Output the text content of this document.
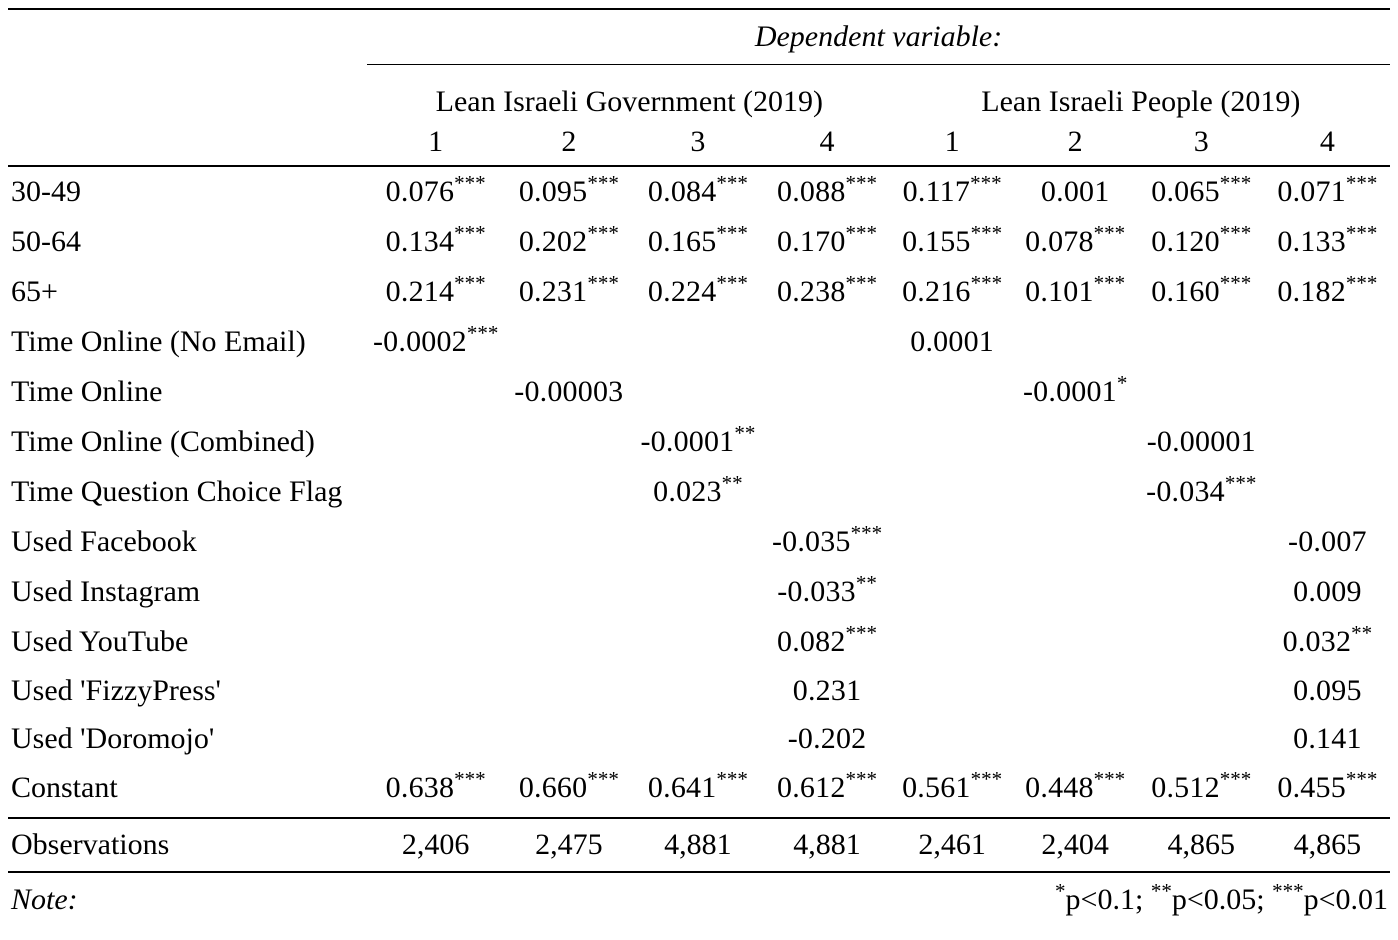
	Dependent variable:							
	Lean Israeli Government (2019)				Lean Israeli People (2019)			
	1	2	3	4	1	2	3	4
30-49	0.076***	0.095***	0.084***	0.088***	0.117***	0.001	0.065***	0.071***
50-64	0.134***	0.202***	0.165***	0.170***	0.155***	0.078***	0.120***	0.133***
65+	0.214***	0.231***	0.224***	0.238***	0.216***	0.101***	0.160***	0.182***
Time Online (No Email)	-0.0002***				0.0001			
Time Online		-0.00003				-0.0001*		
Time Online (Combined)			-0.0001**				-0.00001	
Time Question Choice Flag			0.023**				-0.034***	
Used Facebook				-0.035***				-0.007
Used Instagram				-0.033**				0.009
Used YouTube				0.082***				0.032**
Used 'FizzyPress'				0.231				0.095
Used 'Doromojo'				-0.202				0.141
Constant	0.638***	0.660***	0.641***	0.612***	0.561***	0.448***	0.512***	0.455***
Observations	2,406	2,475	4,881	4,881	2,461	2,404	4,865	4,865
Note:	*p<0.1; **p<0.05; ***p<0.01							
